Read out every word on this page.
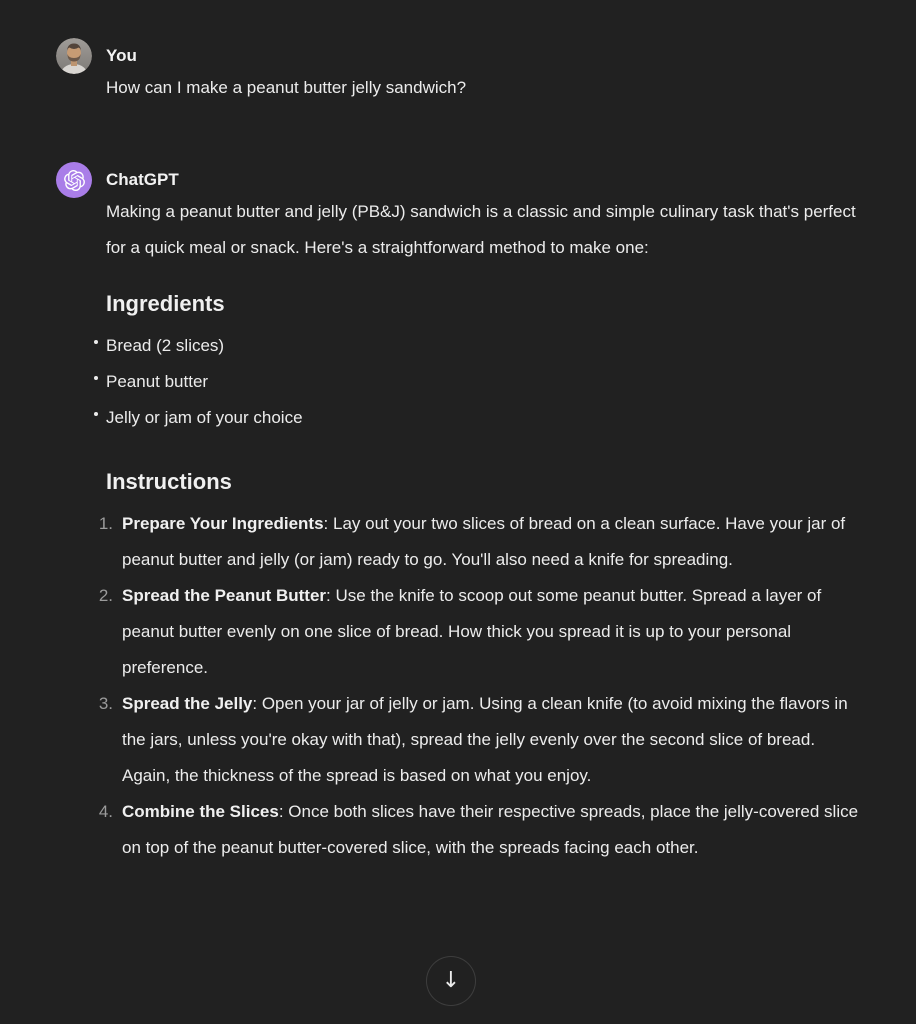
You
How can I make a peanut butter jelly sandwich?
ChatGPT

Making a peanut butter and jelly (PB&J) sandwich is a classic and simple culinary task that's perfect for a quick meal or snack. Here's a straightforward method to make one:

Ingredients
Bread (2 slices)
Peanut butter
Jelly or jam of your choice
Instructions
1. Prepare Your Ingredients: Lay out your two slices of bread on a clean surface. Have your jar of peanut butter and jelly (or jam) ready to go. You'll also need a knife for spreading.
2. Spread the Peanut Butter: Use the knife to scoop out some peanut butter. Spread a layer of peanut butter evenly on one slice of bread. How thick you spread it is up to your personal preference.
3. Spread the Jelly: Open your jar of jelly or jam. Using a clean knife (to avoid mixing the flavors in the jars, unless you're okay with that), spread the jelly evenly over the second slice of bread. Again, the thickness of the spread is based on what you enjoy.
4. Combine the Slices: Once both slices have their respective spreads, place the jelly-covered slice on top of the peanut butter-covered slice, with the spreads facing each other.
↓
